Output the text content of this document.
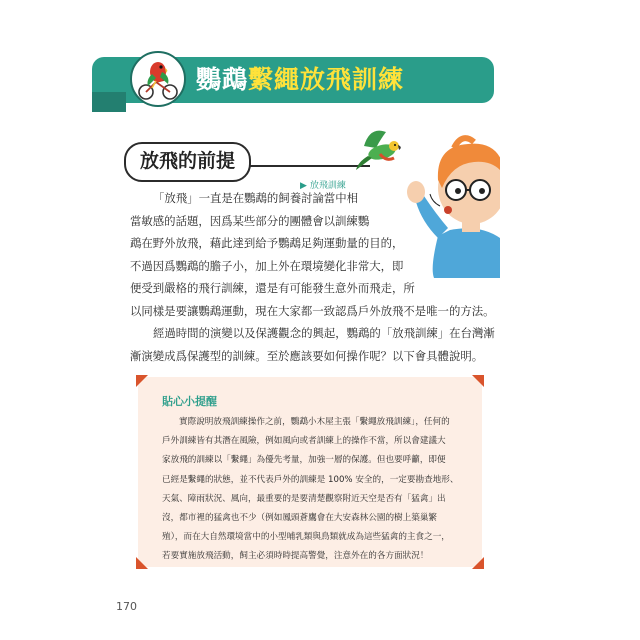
鸚鵡繫繩放飛訓練
放飛的前提
▶ 放飛訓練

「放飛」一直是在鸚鵡的飼養討論當中相
當敏感的話題，因爲某些部分的團體會以訓練鸚
鵡在野外放飛，藉此達到給予鸚鵡足夠運動量的目的，
不過因爲鸚鵡的膽子小，加上外在環境變化非常大，即
便受到嚴格的飛行訓練，還是有可能發生意外而飛走，所
以同樣是要讓鸚鵡運動，現在大家都一致認爲戶外放飛不是唯一的方法。

經過時間的演變以及保護觀念的興起，鸚鵡的「放飛訓練」在台灣漸
漸演變成爲保護型的訓練。至於應該要如何操作呢？以下會具體說明。

貼心小提醒

實際說明放飛訓練操作之前，鸚鵡小木屋主張「繫繩放飛訓練」，任何的
戶外訓練皆有其潛在風險，例如風向或者訓練上的操作不當，所以會建議大
家放飛的訓練以「繫繩」為優先考量，加強一層的保護。但也要呼籲，即便
已經是繫繩的狀態，並不代表戶外的訓練是 100% 安全的，一定要勘查地形、
天氣、障雨狀況、風向，最重要的是要清楚觀察附近天空是否有「猛禽」出
沒，都市裡的猛禽也不少（例如鳳頭蒼鷹會在大安森林公園的樹上築巢繁
殖），而在大自然環境當中的小型哺乳類與鳥類就成為這些猛禽的主食之一，
若要實施放飛活動，飼主必須時時提高警覺，注意外在的各方面狀況！

170
